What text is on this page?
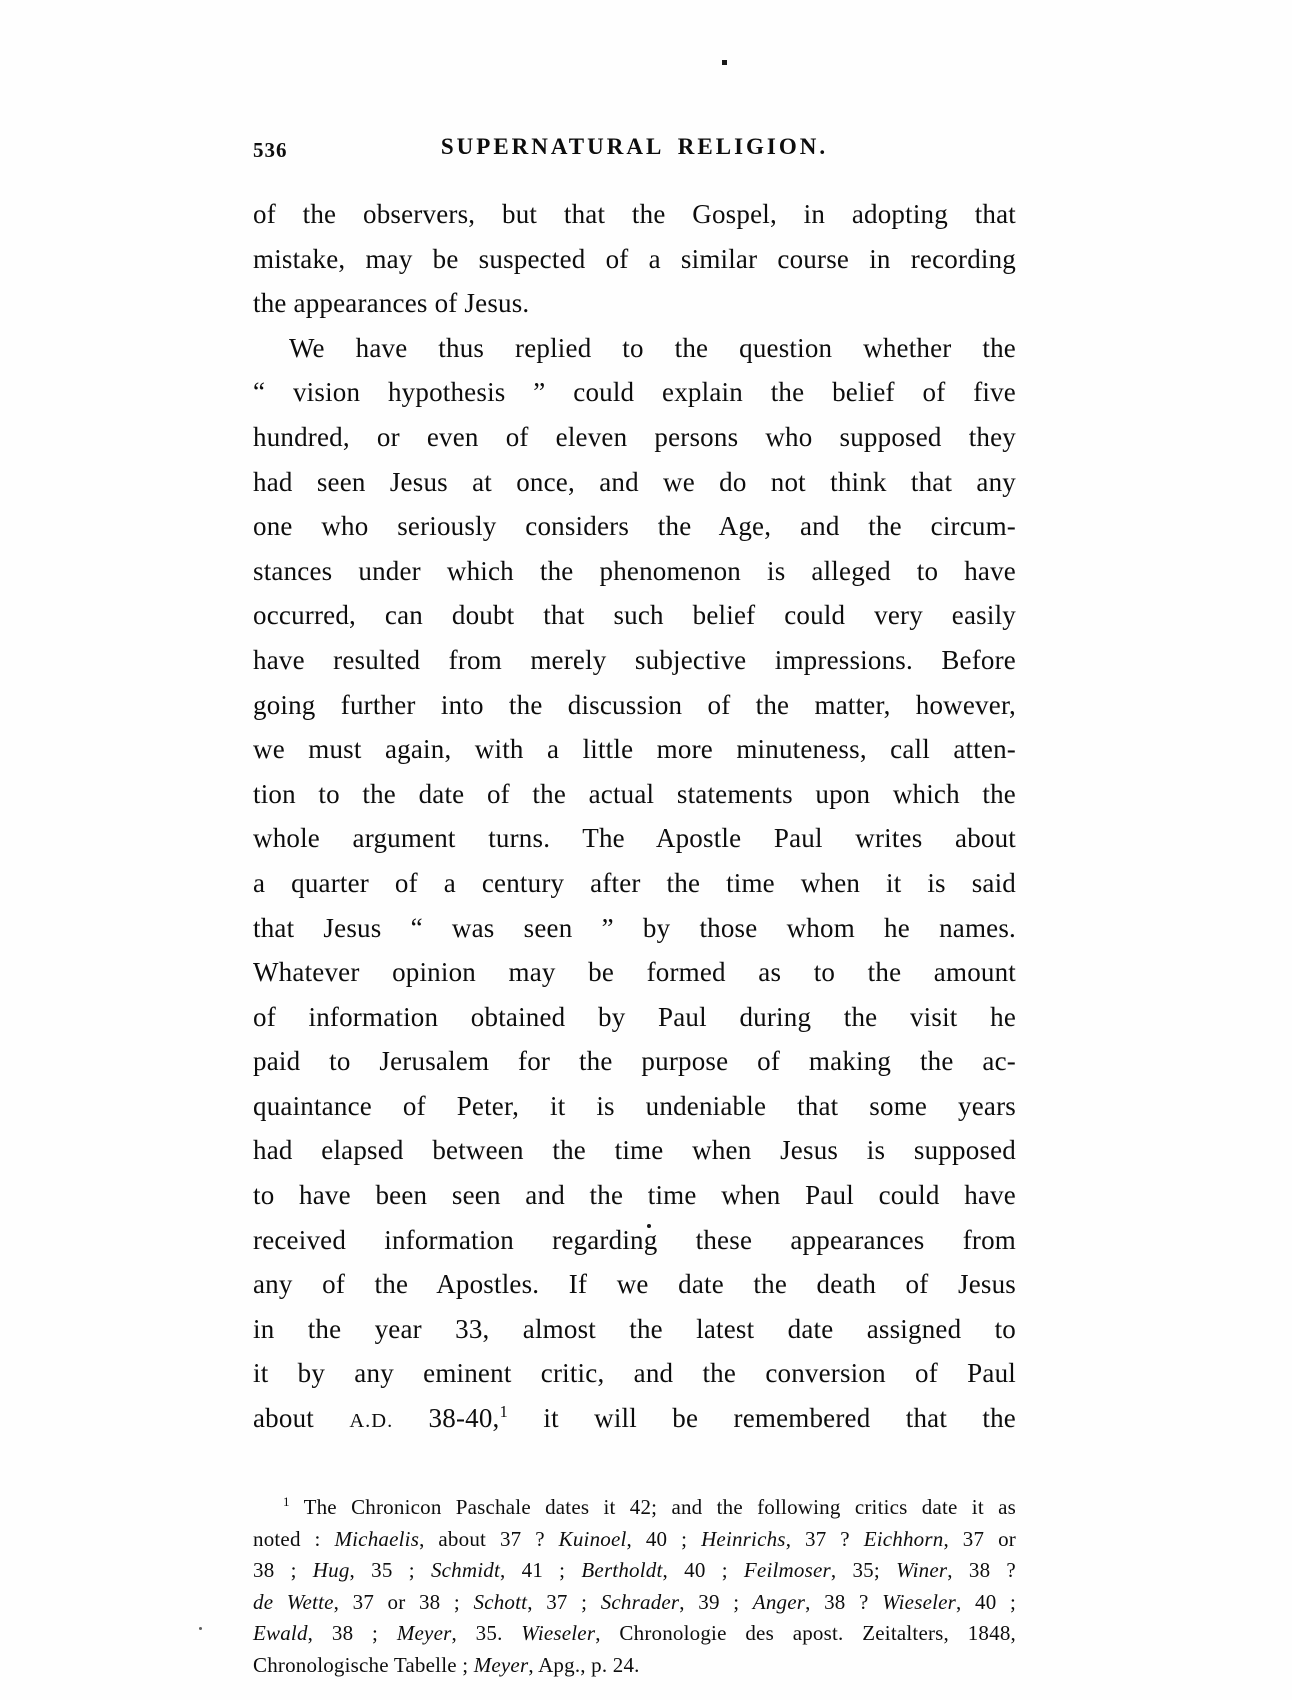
536	SUPERNATURAL RELIGION.
of the observers, but that the Gospel, in adopting that
mistake, may be suspected of a similar course in recording
the appearances of Jesus.
We have thus replied to the question whether the
“ vision hypothesis ” could explain the belief of five
hundred, or even of eleven persons who supposed they
had seen Jesus at once, and we do not think that any
one who seriously considers the Age, and the circum-
stances under which the phenomenon is alleged to have
occurred, can doubt that such belief could very easily
have resulted from merely subjective impressions. Before
going further into the discussion of the matter, however,
we must again, with a little more minuteness, call atten-
tion to the date of the actual statements upon which the
whole argument turns. The Apostle Paul writes about
a quarter of a century after the time when it is said
that Jesus “ was seen ” by those whom he names.
Whatever opinion may be formed as to the amount
of information obtained by Paul during the visit he
paid to Jerusalem for the purpose of making the ac-
quaintance of Peter, it is undeniable that some years
had elapsed between the time when Jesus is supposed
to have been seen and the time when Paul could have
received information regarding these appearances from
any of the Apostles. If we date the death of Jesus
in the year 33, almost the latest date assigned to
it by any eminent critic, and the conversion of Paul
about A.D. 38-40,$^1$ it will be remembered that the
$^1$ The Chronicon Paschale dates it 42; and the following critics date it as
noted : Michaelis, about 37 ? Kuinoel, 40 ; Heinrichs, 37 ? Eichhorn, 37 or
38 ; Hug, 35 ; Schmidt, 41 ; Bertholdt, 40 ; Feilmoser, 35; Winer, 38 ?
de Wette, 37 or 38 ; Schott, 37 ; Schrader, 39 ; Anger, 38 ? Wieseler, 40 ;
Ewald, 38 ; Meyer, 35. Wieseler, Chronologie des apost. Zeitalters, 1848,
Chronologische Tabelle ; Meyer, Apg., p. 24.
